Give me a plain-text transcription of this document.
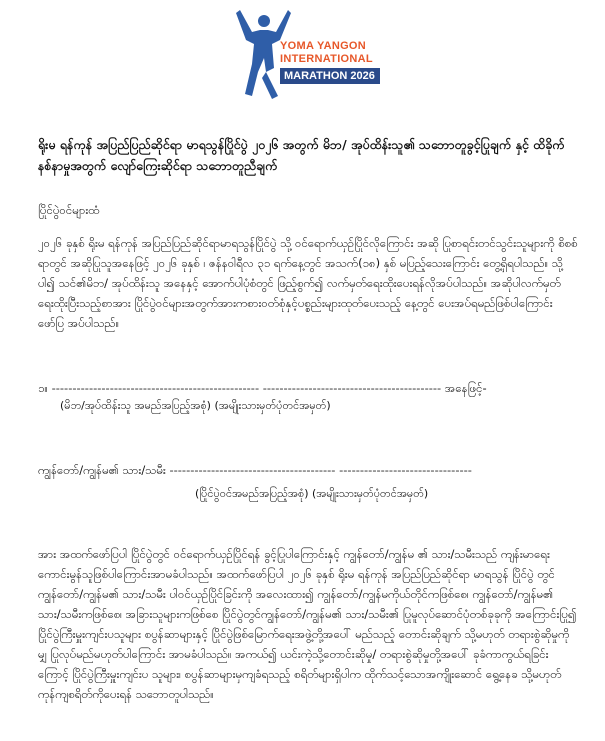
YOMA YANGON
INTERNATIONAL
MARATHON 2026
ရိုးမ ရန်ကုန် အပြည်ပြည်ဆိုင်ရာ မာရသွန်ပြိုင်ပွဲ ၂၀၂၆ အတွက် မိဘ/ အုပ်ထိန်းသူ၏ သဘောတူခွင့်ပြုချက် နှင့် ထိခိုက်နစ်နာမှုအတွက် လျော်ကြေးဆိုင်ရာ သဘောတူညီချက်
ပြိုင်ပွဲဝင်များထံ
၂၀၂၆ ခုနှစ် ရိုးမ ရန်ကုန် အပြည်ပြည်ဆိုင်ရာမာရသွန်ပြိုင်ပွဲ သို့ ဝင်ရောက်ယှဉ်ပြိုင်လိုကြောင်း အဆို ပြုစာရင်းတင်သွင်းသူများကို စိစစ်ရာတွင် အဆိုပြုသူအနေဖြင့် ၂၀၂၆ ခုနှစ် ၊ ဇန်နဝါရီလ ၃၁ ရက်နေ့တွင် အသက်(၁၈) နှစ် မပြည့်သေးကြောင်း တွေ့ရှိရပါသည်။ သို့ပါ၍ သင်၏မိဘ/ အုပ်ထိန်းသူ အနေနှင့် အောက်ပါပုံစံတွင် ဖြည့်စွက်၍ လက်မှတ်ရေးထိုးပေးရန်လိုအပ်ပါသည်။ အဆိုပါလက်မှတ် ရေးထိုးပြီးသည့်စာအား ပြိုင်ပွဲဝင်များအတွက်အားကစားဝတ်စုံနှင့်ပစ္စည်းများထုတ်ပေးသည့် နေ့တွင် ပေးအပ်ရမည်ဖြစ်ပါကြောင်း ဖော်ပြ အပ်ပါသည်။
၁။ -------------------------------------------------- ------------------------------------------- အနေဖြင့်-
(မိဘ/အုပ်ထိန်းသူ အမည်အပြည့်အစုံ) (အမျိုးသားမှတ်ပုံတင်အမှတ်)
ကျွန်တော်/ကျွန်မ၏ သား/သမီး ---------------------------------------- --------------------------------
(ပြိုင်ပွဲဝင်အမည်အပြည့်အစုံ) (အမျိုးသားမှတ်ပုံတင်အမှတ်)
အား အထက်ဖော်ပြပါ ပြိုင်ပွဲတွင် ဝင်ရောက်ယှဉ်ပြိုင်ရန် ခွင့်ပြုပါကြောင်းနှင့် ကျွန်တော်/ကျွန်မ ၏ သား/သမီးသည် ကျန်းမာရေး ကောင်းမွန်သူဖြစ်ပါကြောင်းအာမခံပါသည်။ အထက်ဖော်ပြပါ ၂၀၂၆ ခုနှစ် ရိုးမ ရန်ကုန် အပြည်ပြည်ဆိုင်ရာ မာရသွန် ပြိုင်ပွဲ တွင် ကျွန်တော်/ကျွန်မ၏ သား/သမီး ပါဝင်ယှဉ်ပြိုင်ခြင်းကို အလေးထား၍ ကျွန်တော်/ကျွန်မကိုယ်တိုင်ကဖြစ်စေ၊ ကျွန်တော်/ကျွန်မ၏ သား/သမီးကဖြစ်စေ၊ အခြားသူများကဖြစ်စေ ပြိုင်ပွဲတွင်ကျွန်တော်/ကျွန်မ၏ သား/သမီး၏ ပြုမူလုပ်ဆောင်ပုံတစ်ခုခုကို အကြောင်းပြု၍ ပြိုင်ပွဲကြီးမှူးကျင်းပသူများ စပွန်ဆာများနှင့် ပြိုင်ပွဲဖြစ်မြောက်ရေးအဖွဲ့တို့အပေါ် မည်သည့် တောင်းဆိုချက် သို့မဟုတ် တရားစွဲဆိုမှုကိုမျှ ပြုလုပ်မည်မဟုတ်ပါကြောင်း အာမခံပါသည်။ အကယ်၍ ယင်းကဲ့သို့တောင်းဆိုမှု/ တရားစွဲဆိုမှုတို့အပေါ် ခုခံကာကွယ်ရခြင်းကြောင့် ပြိုင်ပွဲကြီးမှူးကျင်းပ သူများ၊ စပွန်ဆာများမှကျခံရသည့် စရိတ်များရှိပါက ထိုက်သင့်သောအကျိုးဆောင် ရွေ့နေခ သို့မဟုတ် ကုန်ကျစရိတ်ကိုပေးရန် သဘောတူပါသည်။
